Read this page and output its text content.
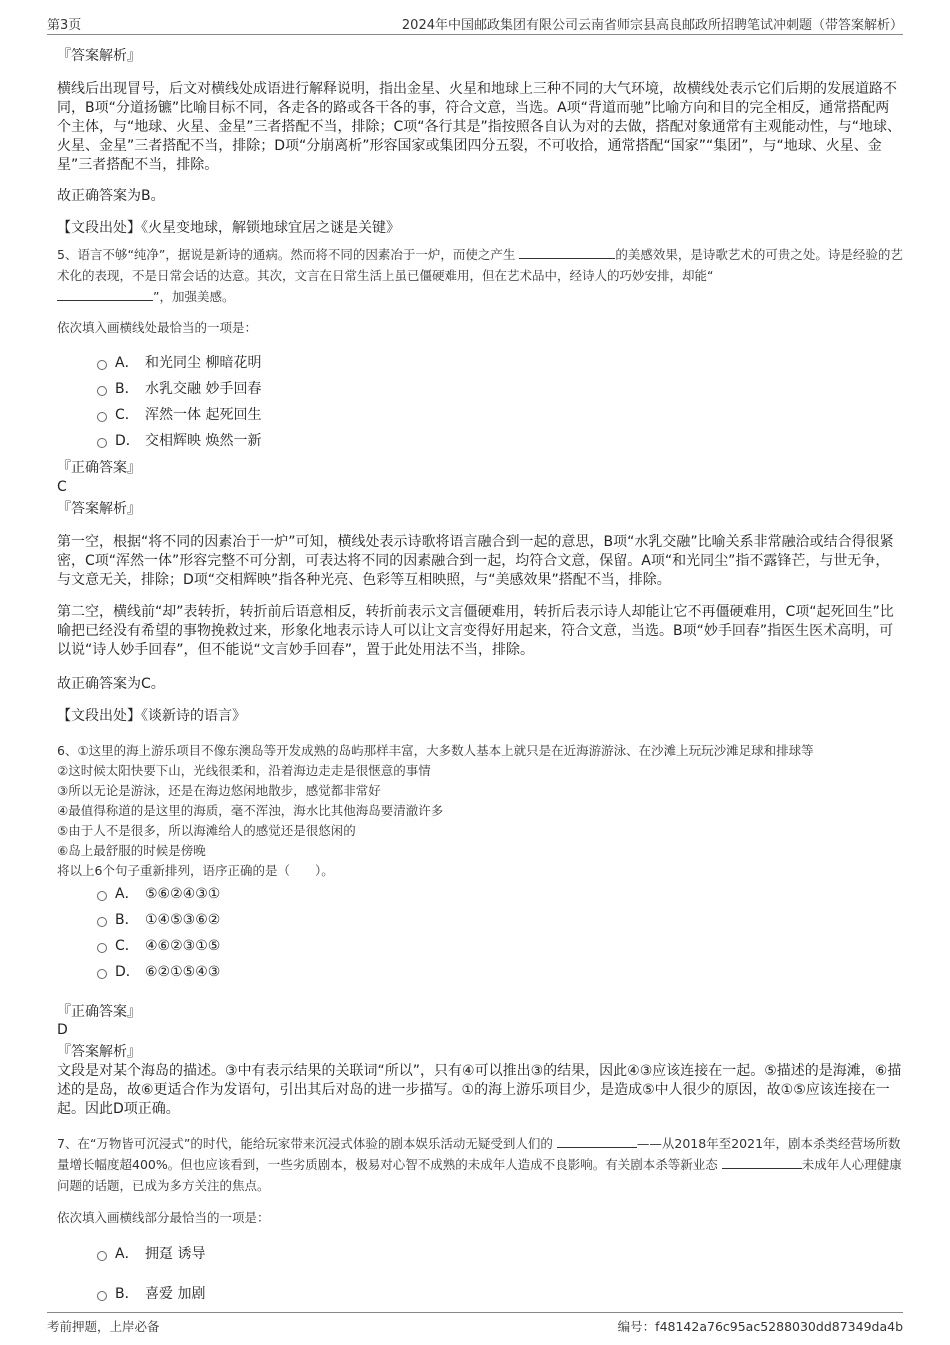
第3页	2024年中国邮政集团有限公司云南省师宗县高良邮政所招聘笔试冲刺题（带答案解析）
『答案解析』
横线后出现冒号，后文对横线处成语进行解释说明，指出金星、火星和地球上三种不同的大气环境，故横线处表示它们后期的发展道路不同，B项“分道扬镳”比喻目标不同，各走各的路或各干各的事，符合文意，当选。A项“背道而驰”比喻方向和目的完全相反，通常搭配两个主体，与“地球、火星、金星”三者搭配不当，排除；C项“各行其是”指按照各自认为对的去做，搭配对象通常有主观能动性，与“地球、火星、金星”三者搭配不当，排除；D项“分崩离析”形容国家或集团四分五裂，不可收拾，通常搭配“国家”“集团”，与“地球、火星、金星”三者搭配不当，排除。
故正确答案为B。
【文段出处】《火星变地球，解锁地球宜居之谜是关键》
5、语言不够“纯净”，据说是新诗的通病。然而将不同的因素冶于一炉，而使之产生	的美感效果，是诗歌艺术的可贵之处。诗是经验的艺术化的表现，不是日常会话的达意。其次，文言在日常生活上虽已僵硬难用，但在艺术品中，经诗人的巧妙安排，却能“
”，加强美感。
依次填入画横线处最恰当的一项是：
A． 和光同尘 柳暗花明
B． 水乳交融 妙手回春
C． 浑然一体 起死回生
D． 交相辉映 焕然一新
『正确答案』
C
『答案解析』
第一空，根据“将不同的因素冶于一炉”可知，横线处表示诗歌将语言融合到一起的意思，B项“水乳交融”比喻关系非常融洽或结合得很紧密，C项“浑然一体”形容完整不可分割，可表达将不同的因素融合到一起，均符合文意，保留。A项“和光同尘”指不露锋芒，与世无争，与文意无关，排除；D项“交相辉映”指各种光亮、色彩等互相映照，与“美感效果”搭配不当，排除。
第二空，横线前“却”表转折，转折前后语意相反，转折前表示文言僵硬难用，转折后表示诗人却能让它不再僵硬难用，C项“起死回生”比喻把已经没有希望的事物挽救过来，形象化地表示诗人可以让文言变得好用起来，符合文意，当选。B项“妙手回春”指医生医术高明，可以说“诗人妙手回春”，但不能说“文言妙手回春”，置于此处用法不当，排除。
故正确答案为C。
【文段出处】《谈新诗的语言》
6、①这里的海上游乐项目不像东澳岛等开发成熟的岛屿那样丰富，大多数人基本上就只是在近海游游泳、在沙滩上玩玩沙滩足球和排球等
②这时候太阳快要下山，光线很柔和，沿着海边走走是很惬意的事情
③所以无论是游泳，还是在海边悠闲地散步，感觉都非常好
④最值得称道的是这里的海质，毫不浑浊，海水比其他海岛要清澈许多
⑤由于人不是很多，所以海滩给人的感觉还是很悠闲的
⑥岛上最舒服的时候是傍晚
将以上6个句子重新排列，语序正确的是（　　）。
A． ⑤⑥②④③①
B． ①④⑤③⑥②
C． ④⑥②③①⑤
D． ⑥②①⑤④③
『正确答案』
D
『答案解析』
文段是对某个海岛的描述。③中有表示结果的关联词“所以”，只有④可以推出③的结果，因此④③应该连接在一起。⑤描述的是海滩，⑥描述的是岛，故⑥更适合作为发语句，引出其后对岛的进一步描写。①的海上游乐项目少，是造成⑤中人很少的原因，故①⑤应该连接在一起。因此D项正确。
7、在“万物皆可沉浸式”的时代，能给玩家带来沉浸式体验的剧本娱乐活动无疑受到人们的	——从2018年至2021年，剧本杀类经营场所数量增长幅度超400%。但也应该看到，一些劣质剧本，极易对心智不成熟的未成年人造成不良影响。有关剧本杀等新业态	未成年人心理健康问题的话题，已成为多方关注的焦点。
依次填入画横线部分最恰当的一项是：
A． 拥趸 诱导
B． 喜爱 加剧
考前押题，上岸必备	编号：f48142a76c95ac5288030dd87349da4b
